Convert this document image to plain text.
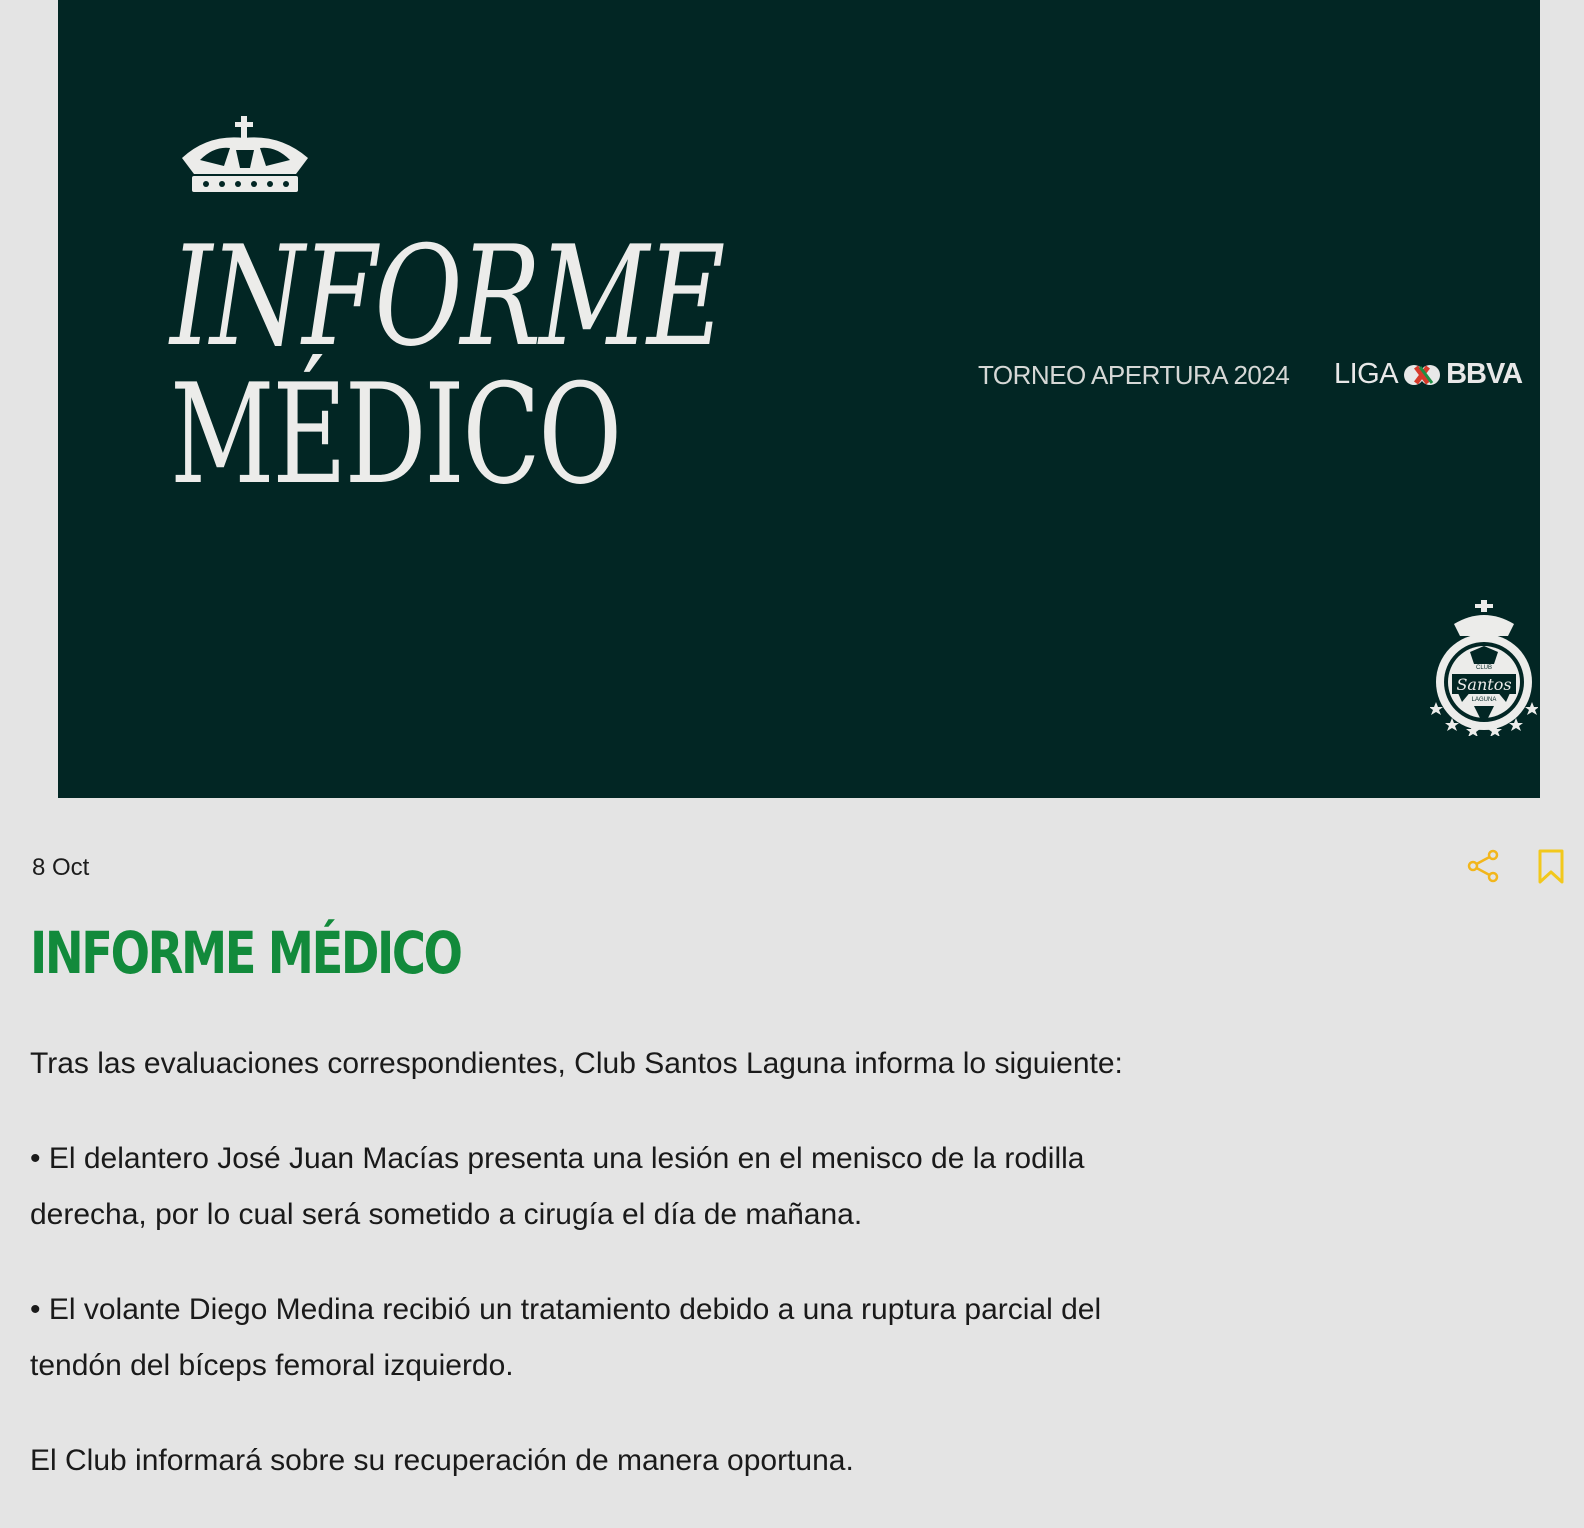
INFORME
MÉDICO	TORNEO APERTURA 2024 LIGA BBVA
Santos
CLUB
LAGUNA
8 Oct
INFORME MÉDICO

Tras las evaluaciones correspondientes, Club Santos Laguna informa lo siguiente:

• El delantero José Juan Macías presenta una lesión en el menisco de la rodilla derecha, por lo cual será sometido a cirugía el día de mañana.

• El volante Diego Medina recibió un tratamiento debido a una ruptura parcial del tendón del bíceps femoral izquierdo.

El Club informará sobre su recuperación de manera oportuna.
